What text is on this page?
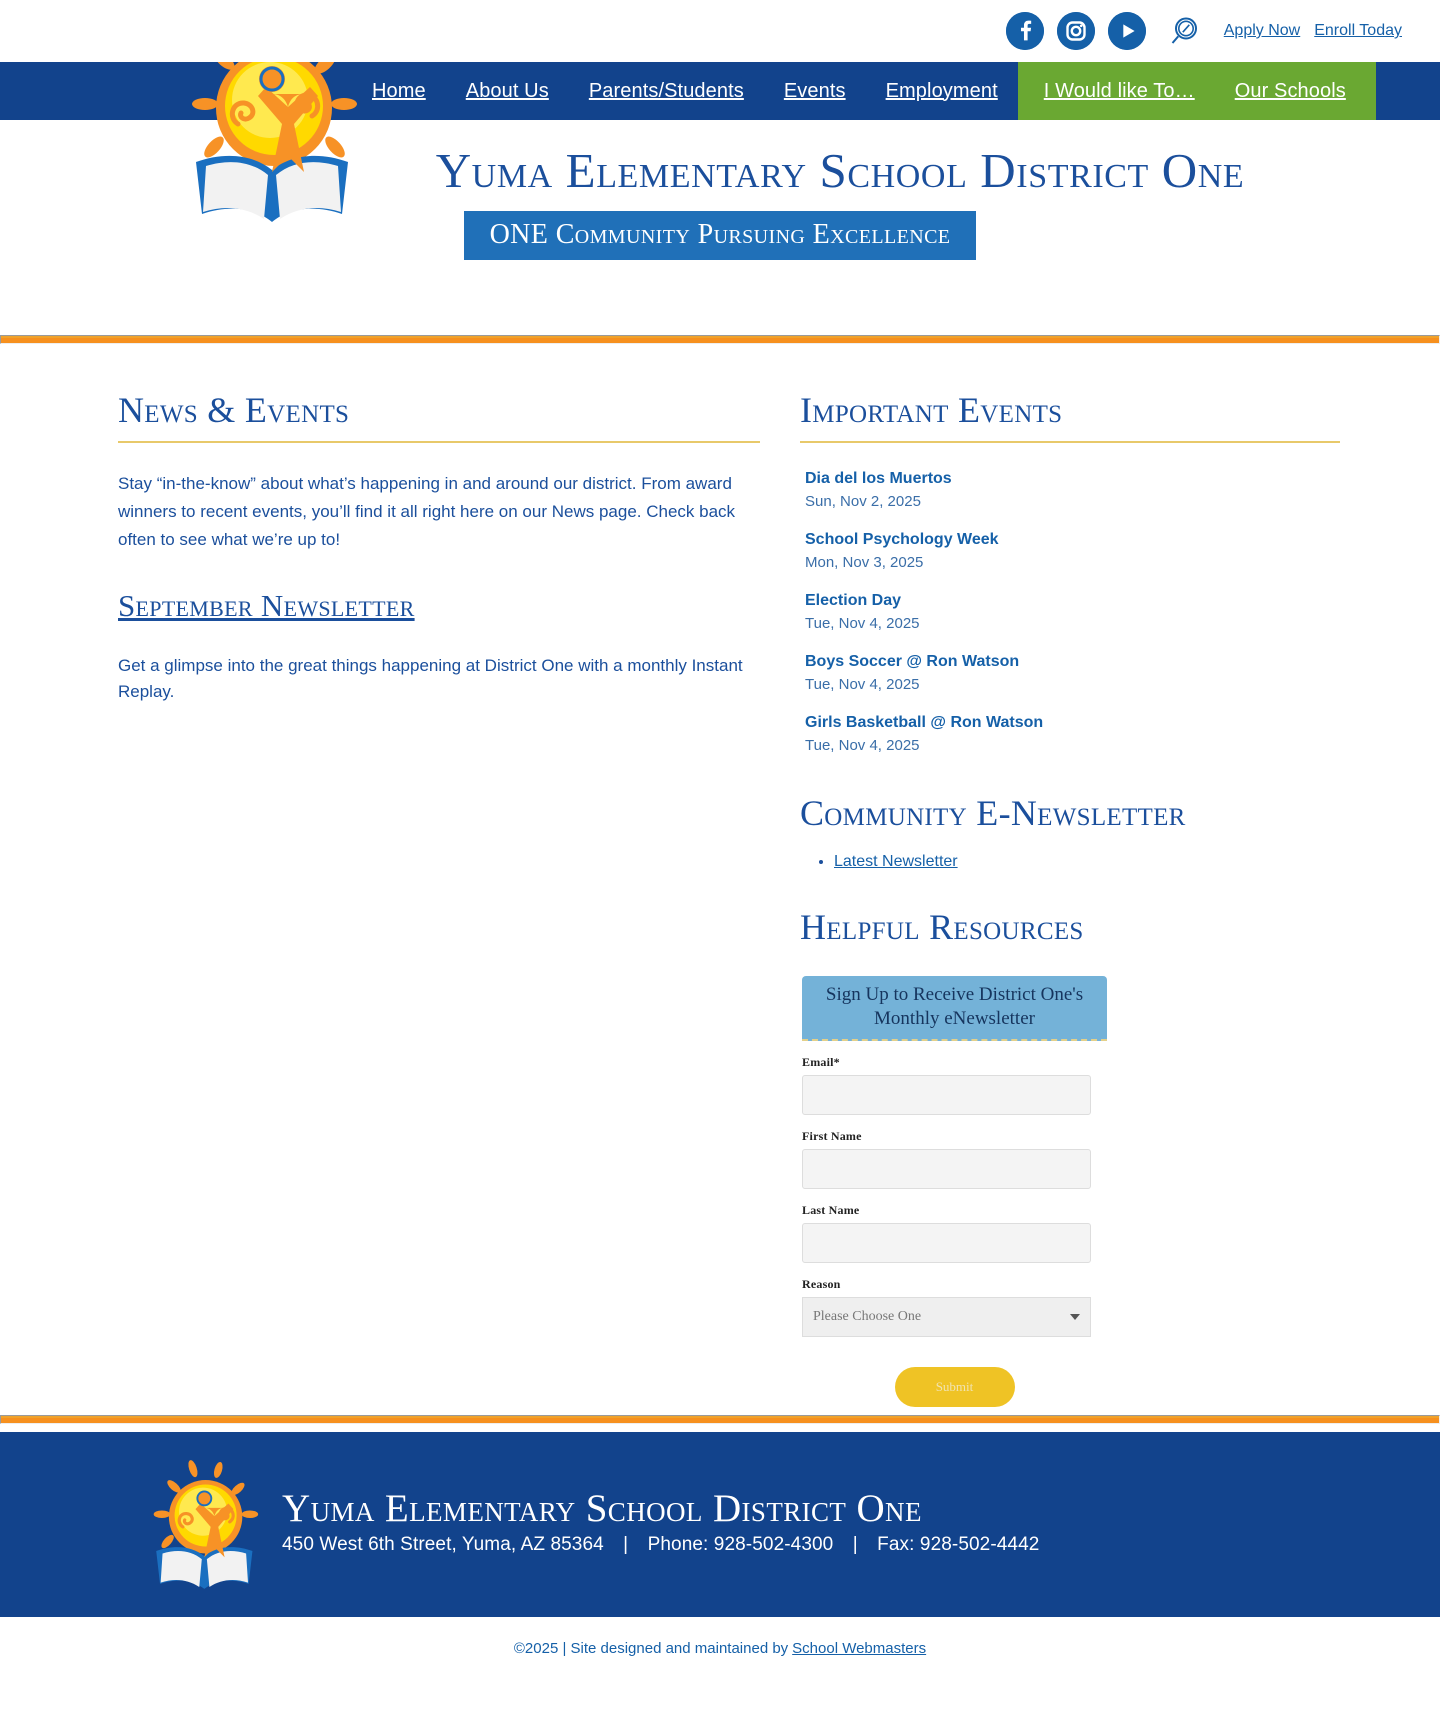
Apply Now Enroll Today
Home	About Us	Parents/Students	Events	Employment	I Would like To…	Our Schools
Yuma Elementary School District One
ONE Community Pursuing Excellence
News & Events

Stay “in-the-know” about what’s happening in and around our district. From award winners to recent events, you’ll find it all right here on our News page. Check back often to see what we’re up to!

September Newsletter

Get a glimpse into the great things happening at District One with a monthly Instant Replay.

Important Events
Dia del los Muertos
Sun, Nov 2, 2025
School Psychology Week
Mon, Nov 3, 2025
Election Day
Tue, Nov 4, 2025
Boys Soccer @ Ron Watson
Tue, Nov 4, 2025
Girls Basketball @ Ron Watson
Tue, Nov 4, 2025
Community E-Newsletter
• Latest Newsletter
Helpful Resources
Sign Up to Receive District One's Monthly eNewsletter
Email*
First Name
Last Name
Reason
Please Choose One
Submit
Yuma Elementary School District One
450 West 6th Street, Yuma, AZ 85364 | Phone: 928-502-4300 | Fax: 928-502-4442
©2025 | Site designed and maintained by School Webmasters
